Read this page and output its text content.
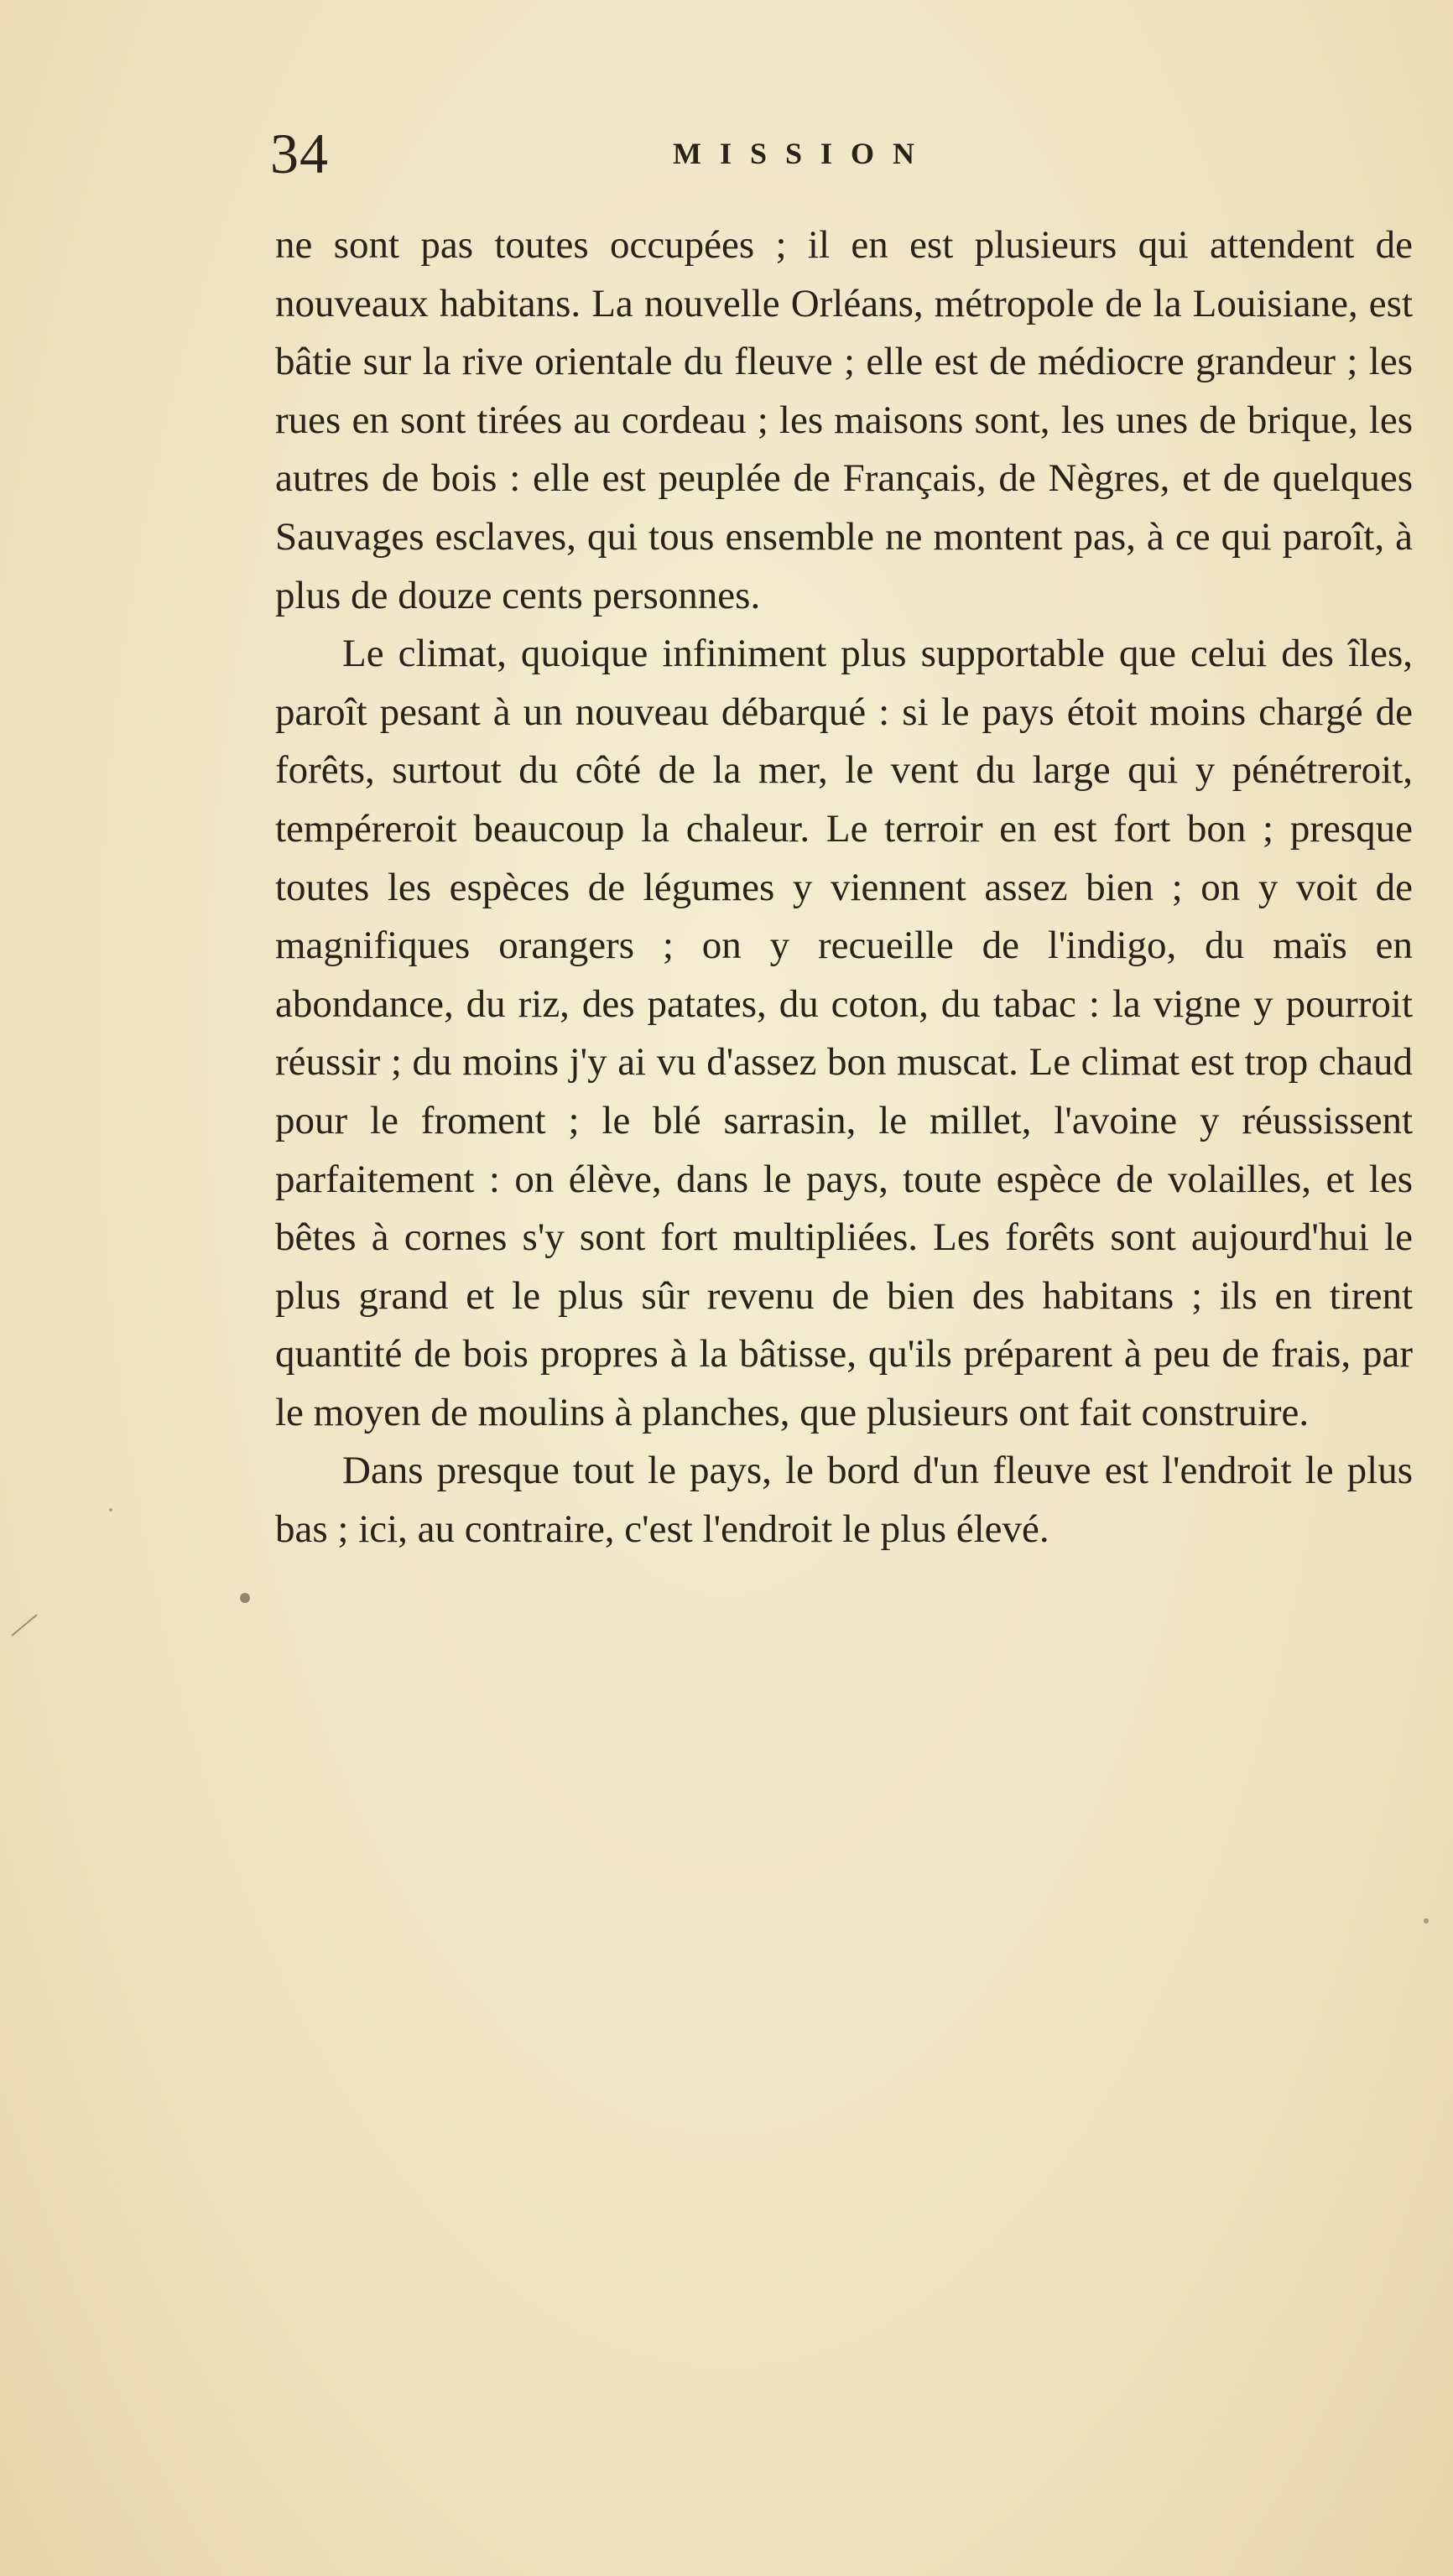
34	MISSION

ne sont pas toutes occupées ; il en est plusieurs qui attendent de nouveaux habitans. La nouvelle Orléans, métropole de la Louisiane, est bâtie sur la rive orientale du fleuve ; elle est de médiocre grandeur ; les rues en sont tirées au cordeau ; les maisons sont, les unes de brique, les autres de bois : elle est peuplée de Français, de Nègres, et de quelques Sauvages esclaves, qui tous ensemble ne montent pas, à ce qui paroît, à plus de douze cents personnes.

Le climat, quoique infiniment plus supportable que celui des îles, paroît pesant à un nouveau débarqué : si le pays étoit moins chargé de forêts, surtout du côté de la mer, le vent du large qui y pénétreroit, tempéreroit beaucoup la chaleur. Le terroir en est fort bon ; presque toutes les espèces de légumes y viennent assez bien ; on y voit de magnifiques orangers ; on y recueille de l'indigo, du maïs en abondance, du riz, des patates, du coton, du tabac : la vigne y pourroit réussir ; du moins j'y ai vu d'assez bon muscat. Le climat est trop chaud pour le froment ; le blé sarrasin, le millet, l'avoine y réussissent parfaitement : on élève, dans le pays, toute espèce de volailles, et les bêtes à cornes s'y sont fort multipliées. Les forêts sont aujourd'hui le plus grand et le plus sûr revenu de bien des habitans ; ils en tirent quantité de bois propres à la bâtisse, qu'ils préparent à peu de frais, par le moyen de moulins à planches, que plusieurs ont fait construire.

Dans presque tout le pays, le bord d'un fleuve est l'endroit le plus bas ; ici, au contraire, c'est l'endroit le plus élevé.
